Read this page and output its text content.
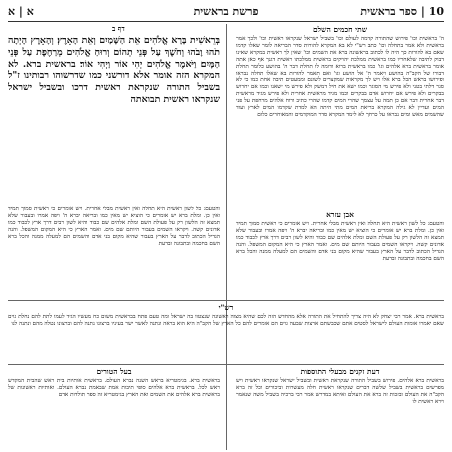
10 | ספר בראשית
א | א	פרשת בראשית
שתי חכמים השלם
ה' בראשית וכו' פירוש שהתורה קדמה לעולם וכו' בשביל ישראל שנקראו ראשית וכו' ולכך אמר בראשית ולא אמר בתחלה וכו' כתב רש"י לא בא המקרא להורות סדר הבריאה לומר שאלו קדמו שאם בא להורות כך היה לו לכתוב בראשונה ברא את השמים וכו' שאין לך ראשית במקרא שאינו דבוק לתיבה שלאחריו כמו בראשית ממלכת יהויקים בראשית ממלכתו ראשית דגנך אף כאן אתה אומר בראשית ברא אלהים וגו' כמו בראשית ברוא ודומה לו תחלת דבר ה' בהושע כלומר תחלת דבורו של הקב"ה בהושע ויאמר ה' אל הושע וגו' ואם תאמר להורות בא שאלו תחלה נבראו ופירושו בראש הכל ברא אלו ויש לך מקראות שמקצרים לשונם וממעטים תיבה אחת כמו כי לא סגר דלתי בטני ולא פירש מי הסוגר וכמו ישא את חיל דמשק ולא פירש מי ישאנו וכמו אם יחרוש בבקרים ולא פירש אם יחרוש אדם בבקרים וכמו מגיד מראשית אחרית ולא פירש מגיד מראשית דבר אחרית דבר אם כן תמה על עצמך שהרי המים קדמו שהרי כתיב ורוח אלהים מרחפת על פני המים ועדיין לא גילה המקרא בריאת המים מתי היתה הא למדת שקדמו המים לארץ ועוד שהשמים מאש ומים נבראו על כרחך לא לימד המקרא סדר המוקדמים והמאוחרים כלום
דף ב
בְּרֵאשִׁית בָּרָא אֱלֹהִים אֵת הַשָּׁמַיִם וְאֵת הָאָרֶץ׃ וְהָאָרֶץ הָיְתָה תֹהוּ וָבֹהוּ וְחֹשֶׁךְ עַל פְּנֵי תְהוֹם וְרוּחַ אֱלֹהִים מְרַחֶפֶת עַל פְּנֵי הַמָּיִם׃ וַיֹּאמֶר אֱלֹהִים יְהִי אוֹר וַיְהִי אוֹר׃ בראשית ברא. לא המקרא הזה אומר אלא דורשני כמו שדרשוהו רבותינו ז"ל בשביל התורה שנקראת ראשית דרכו ובשביל ישראל שנקראו ראשית תבואתה
אבן עזרא
והטעם: כל לשון ראשית היא תחלה ואין ראשית מבלי אחרית. ויש אומרים כי ראשית סמוך תמיד ואין כן. ומלת ברא יש אומרים כי הוציא יש מאין כמו ובריאה יברא ה' ויפה אמרו ובעבור שלא תמצא זה הלשון רק על פעולת השם ומלת אלהים שם כבוד והיא לשון רבים דרך ארץ לכבוד כמו אדונים קשה. ויקראו השמים בעבור היותם שם מים. ואמר הארץ כי היא המקום המשפל. והנה הגדיל הכתוב לדבר על הארץ בעבור שהיא מקום בני אדם והשמים הם למעלה ממנה והכל ברא השם בחכמה ובתבונה ובדעת
והטעם: כל לשון ראשית היא תחלה ואין ראשית מבלי אחרית. ויש אומרים כי ראשית סמוך תמיד ואין כן. ומלת ברא יש אומרים כי הוציא יש מאין כמו ובריאה יברא ה' ויפה אמרו ובעבור שלא תמצא זה הלשון רק על פעולת השם ומלת אלהים שם כבוד והיא לשון רבים דרך ארץ לכבוד כמו אדונים קשה. ויקראו השמים בעבור היותם שם מים. ואמר הארץ כי היא המקום המשפל. והנה הגדיל הכתוב לדבר על הארץ בעבור שהיא מקום בני אדם והשמים הם למעלה ממנה והכל ברא השם בחכמה ובתבונה ובדעת
רש"י
בראשית ברא. אמר רבי יצחק לא היה צריך להתחיל את התורה אלא מהחדש הזה לכם שהיא מצוה ראשונה שנצטוו בה ישראל ומה טעם פתח בבראשית משום כח מעשיו הגיד לעמו לתת להם נחלת גוים שאם יאמרו אומות העולם לישראל לסטים אתם שכבשתם ארצות שבעה גוים הם אומרים להם כל הארץ של הקב"ה היא הוא בראה ונתנה לאשר ישר בעיניו ברצונו נתנה להם וברצונו נטלה מהם ונתנה לנו
דעת זקנים מבעלי התוספות
בראשית ברא אלהים. פירוש בשביל התורה שנקראת ראשית ובשביל ישראל שנקראו ראשית ויש מפרשים בראשית בשביל שלשה דברים שנקראו ראשית חלה מעשרות וביכורים וכל זה ברא הקב"ה את העולם ובזכות זה ברא את העולם ואיתא במדרש אמר רבי ברכיה בשביל משה שנאמר וירא ראשית לו
בעל הטורים
בראשית ברא. בגימטריא בראש השנה נברא העולם. בראשית אותיות בית ראש שהבית המקדש ראש לכל. בראשית ברא אלהים סופי תיבות אמת שבאמת נברא העולם. ואותיות ראשונות של בראשית ברא אלהים את השמים ואת הארץ בגימטריא זה ספר תולדות אדם
